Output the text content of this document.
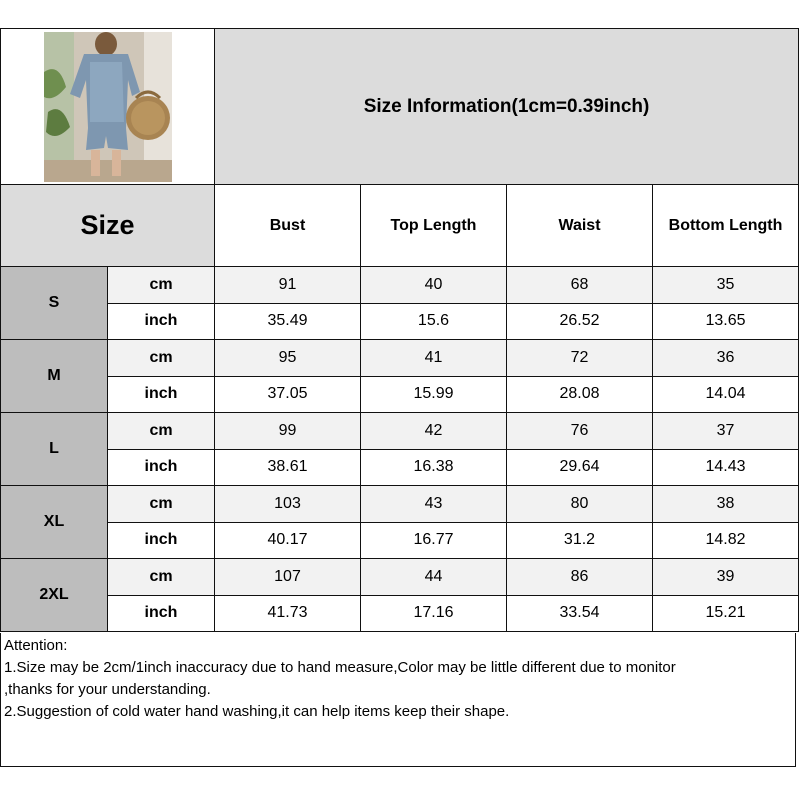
	Size Information(1cm=0.39inch)			
Size		Bust	Top Length	Waist	Bottom Length
S	cm	91	40	68	35
	inch	35.49	15.6	26.52	13.65
M	cm	95	41	72	36
	inch	37.05	15.99	28.08	14.04
L	cm	99	42	76	37
	inch	38.61	16.38	29.64	14.43
XL	cm	103	43	80	38
	inch	40.17	16.77	31.2	14.82
2XL	cm	107	44	86	39
	inch	41.73	17.16	33.54	15.21
Attention:
1.Size may be 2cm/1inch inaccuracy due to hand measure,Color may be little different due to monitor
,thanks for your understanding.
2.Suggestion of cold water hand washing,it can help items keep their shape.
